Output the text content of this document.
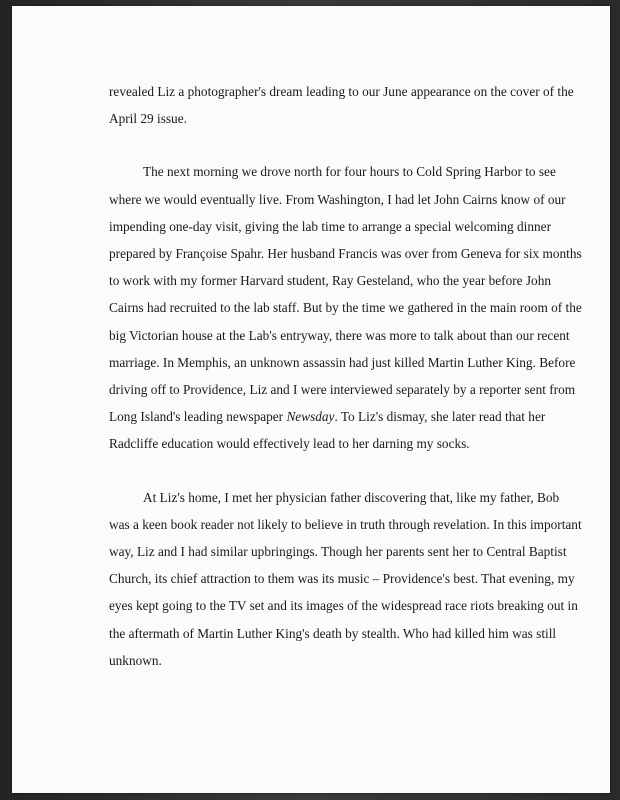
revealed Liz a photographer's dream leading to our June appearance on the cover of the
April 29 issue.

The next morning we drove north for four hours to Cold Spring Harbor to see
where we would eventually live. From Washington, I had let John Cairns know of our
impending one-day visit, giving the lab time to arrange a special welcoming dinner
prepared by Françoise Spahr. Her husband Francis was over from Geneva for six months
to work with my former Harvard student, Ray Gesteland, who the year before John
Cairns had recruited to the lab staff. But by the time we gathered in the main room of the
big Victorian house at the Lab's entryway, there was more to talk about than our recent
marriage. In Memphis, an unknown assassin had just killed Martin Luther King. Before
driving off to Providence, Liz and I were interviewed separately by a reporter sent from
Long Island's leading newspaper Newsday. To Liz's dismay, she later read that her
Radcliffe education would effectively lead to her darning my socks.

At Liz's home, I met her physician father discovering that, like my father, Bob
was a keen book reader not likely to believe in truth through revelation. In this important
way, Liz and I had similar upbringings. Though her parents sent her to Central Baptist
Church, its chief attraction to them was its music – Providence's best. That evening, my
eyes kept going to the TV set and its images of the widespread race riots breaking out in
the aftermath of Martin Luther King's death by stealth. Who had killed him was still
unknown.
